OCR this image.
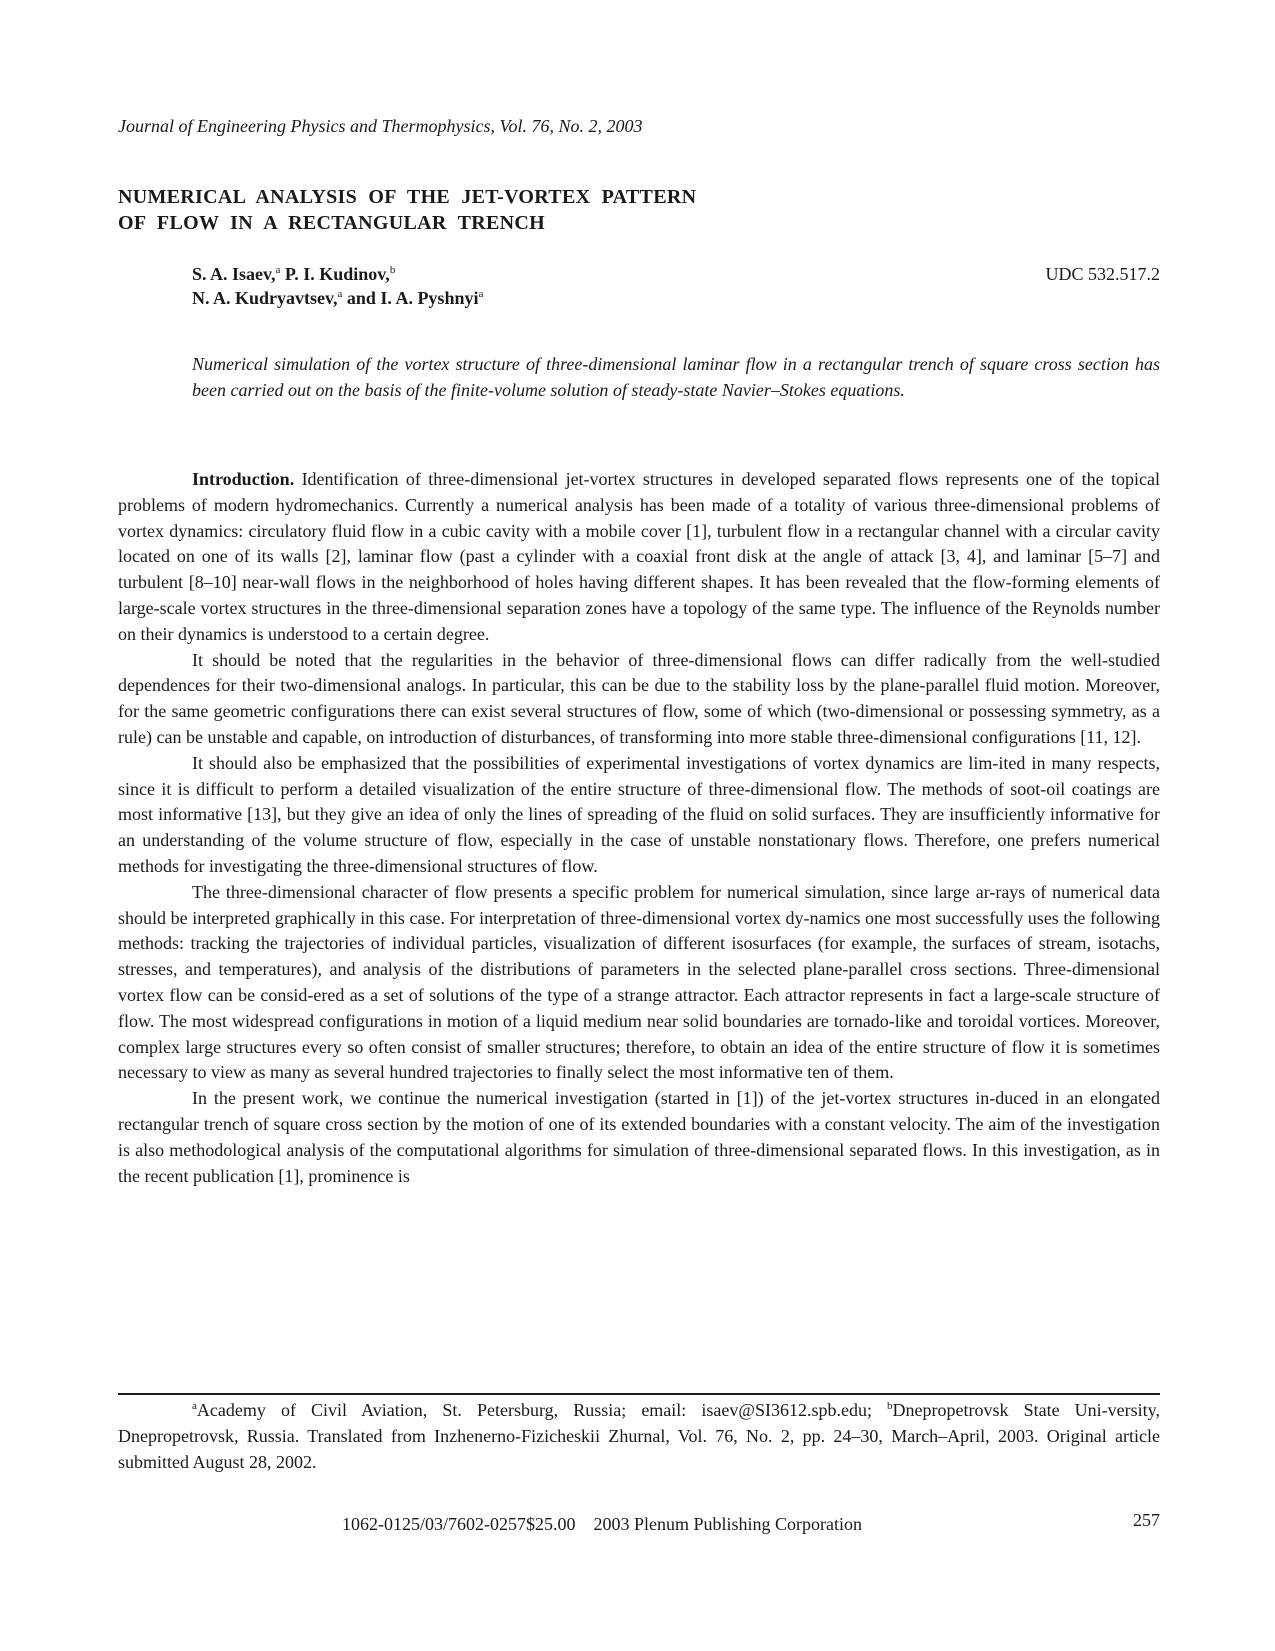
Journal of Engineering Physics and Thermophysics, Vol. 76, No. 2, 2003
NUMERICAL ANALYSIS OF THE JET-VORTEX PATTERN
OF FLOW IN A RECTANGULAR TRENCH
S. A. Isaev,$^a$ P. I. Kudinov,$^b$
N. A. Kudryavtsev,$^a$ and I. A. Pyshnyi$^a$
UDC 532.517.2
Numerical simulation of the vortex structure of three-dimensional laminar flow in a rectangular trench of square cross section has been carried out on the basis of the finite-volume solution of steady-state Navier–Stokes equations.

Introduction. Identification of three-dimensional jet-vortex structures in developed separated flows represents one of the topical problems of modern hydromechanics. Currently a numerical analysis has been made of a totality of various three-dimensional problems of vortex dynamics: circulatory fluid flow in a cubic cavity with a mobile cover [1], turbulent flow in a rectangular channel with a circular cavity located on one of its walls [2], laminar flow (past a cylinder with a coaxial front disk at the angle of attack [3, 4], and laminar [5–7] and turbulent [8–10] near-wall flows in the neighborhood of holes having different shapes. It has been revealed that the flow-forming elements of large-scale vortex structures in the three-dimensional separation zones have a topology of the same type. The influence of the Reynolds number on their dynamics is understood to a certain degree.

It should be noted that the regularities in the behavior of three-dimensional flows can differ radically from the well-studied dependences for their two-dimensional analogs. In particular, this can be due to the stability loss by the plane-parallel fluid motion. Moreover, for the same geometric configurations there can exist several structures of flow, some of which (two-dimensional or possessing symmetry, as a rule) can be unstable and capable, on introduction of disturbances, of transforming into more stable three-dimensional configurations [11, 12].

It should also be emphasized that the possibilities of experimental investigations of vortex dynamics are lim-ited in many respects, since it is difficult to perform a detailed visualization of the entire structure of three-dimensional flow. The methods of soot-oil coatings are most informative [13], but they give an idea of only the lines of spreading of the fluid on solid surfaces. They are insufficiently informative for an understanding of the volume structure of flow, especially in the case of unstable nonstationary flows. Therefore, one prefers numerical methods for investigating the three-dimensional structures of flow.

The three-dimensional character of flow presents a specific problem for numerical simulation, since large ar-rays of numerical data should be interpreted graphically in this case. For interpretation of three-dimensional vortex dy-namics one most successfully uses the following methods: tracking the trajectories of individual particles, visualization of different isosurfaces (for example, the surfaces of stream, isotachs, stresses, and temperatures), and analysis of the distributions of parameters in the selected plane-parallel cross sections. Three-dimensional vortex flow can be consid-ered as a set of solutions of the type of a strange attractor. Each attractor represents in fact a large-scale structure of flow. The most widespread configurations in motion of a liquid medium near solid boundaries are tornado-like and toroidal vortices. Moreover, complex large structures every so often consist of smaller structures; therefore, to obtain an idea of the entire structure of flow it is sometimes necessary to view as many as several hundred trajectories to finally select the most informative ten of them.

In the present work, we continue the numerical investigation (started in [1]) of the jet-vortex structures in-duced in an elongated rectangular trench of square cross section by the motion of one of its extended boundaries with a constant velocity. The aim of the investigation is also methodological analysis of the computational algorithms for simulation of three-dimensional separated flows. In this investigation, as in the recent publication [1], prominence is

$^a$Academy of Civil Aviation, St. Petersburg, Russia; email: isaev@SI3612.spb.edu; $^b$Dnepropetrovsk State Uni-versity, Dnepropetrovsk, Russia. Translated from Inzhenerno-Fizicheskii Zhurnal, Vol. 76, No. 2, pp. 24–30, March–April, 2003. Original article submitted August 28, 2002.
1062-0125/03/7602-0257$25.00 2003 Plenum Publishing Corporation	257
